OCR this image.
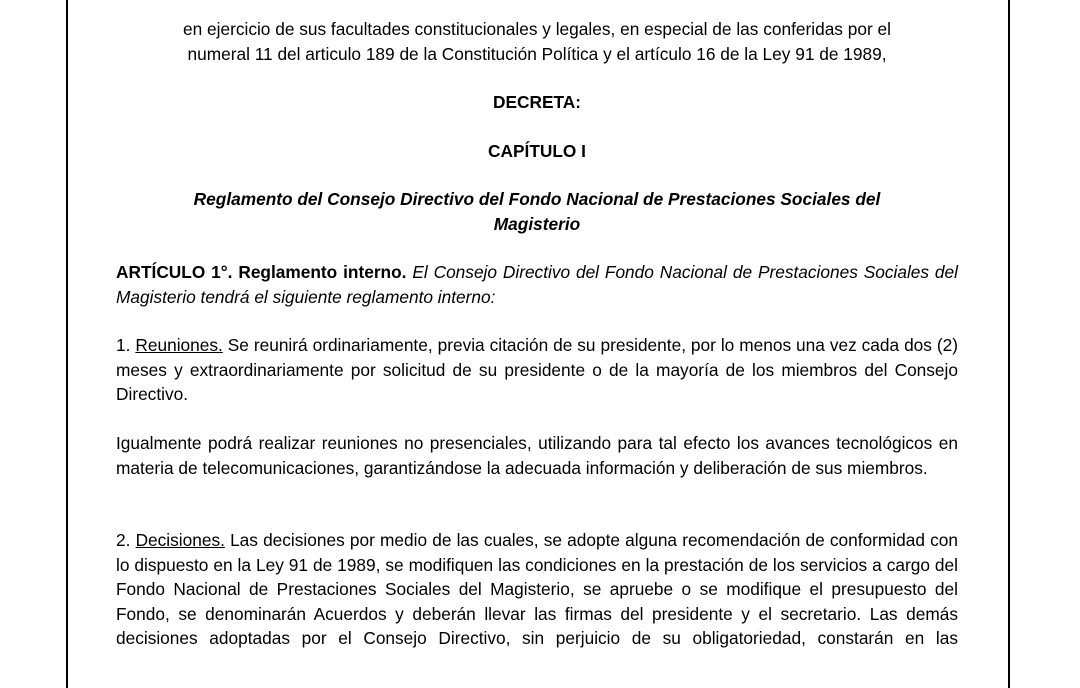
en ejercicio de sus facultades constitucionales y legales, en especial de las conferidas por el
numeral 11 del articulo 189 de la Constitución Política y el artículo 16 de la Ley 91 de 1989,
DECRETA:
CAPÍTULO I
Reglamento del Consejo Directivo del Fondo Nacional de Prestaciones Sociales del
Magisterio
ARTÍCULO 1°. Reglamento interno. El Consejo Directivo del Fondo Nacional de Prestaciones Sociales del Magisterio tendrá el siguiente reglamento interno:
1. Reuniones. Se reunirá ordinariamente, previa citación de su presidente, por lo menos una vez cada dos (2) meses y extraordinariamente por solicitud de su presidente o de la mayoría de los miembros del Consejo Directivo.
Igualmente podrá realizar reuniones no presenciales, utilizando para tal efecto los avances tecnológicos en materia de telecomunicaciones, garantizándose la adecuada información y deliberación de sus miembros.
2. Decisiones. Las decisiones por medio de las cuales, se adopte alguna recomendación de conformidad con lo dispuesto en la Ley 91 de 1989, se modifiquen las condiciones en la prestación de los servicios a cargo del Fondo Nacional de Prestaciones Sociales del Magisterio, se apruebe o se modifique el presupuesto del Fondo, se denominarán Acuerdos y deberán llevar las firmas del presidente y el secretario. Las demás decisiones adoptadas por el Consejo Directivo, sin perjuicio de su obligatoriedad, constarán en las
